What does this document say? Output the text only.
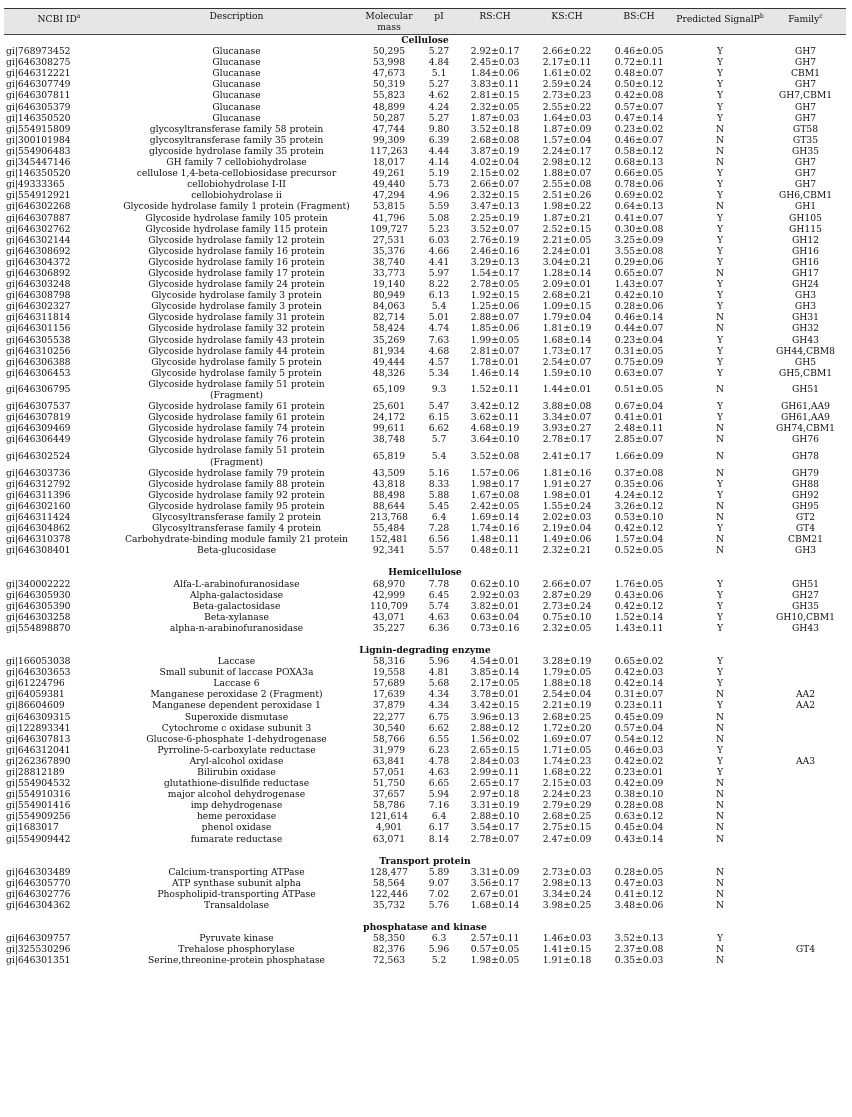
NCBI $ID^a$	Description	Molecular mass	pI	RS:CH	KS:CH	BS:CH	Predicted SignalP$^b$	Family$^c$
Cellulose								
gi|768973452	Glucanase	50,295	5.27	2.92±0.17	2.66±0.22	0.46±0.05	Y	GH7
gi|646308275	Glucanase	53,998	4.84	2.45±0.03	2.17±0.11	0.72±0.11	Y	GH7
gi|646312221	Glucanase	47,673	5.1	1.84±0.06	1.61±0.02	0.48±0.07	Y	CBM1
gi|646307749	Glucanase	50,319	5.27	3.83±0.11	2.59±0.24	0.50±0.12	Y	GH7
gi|646307811	Glucanase	55,823	4.62	2.81±0.15	2.73±0.23	0.42±0.08	Y	GH7,CBM1
gi|646305379	Glucanase	48,899	4.24	2.32±0.05	2.55±0.22	0.57±0.07	Y	GH7
gi|146350520	Glucanase	50,287	5.27	1.87±0.03	1.64±0.03	0.47±0.14	Y	GH7
gi|554915809	glycosyltransferase family 58 protein	47,744	9.80	3.52±0.18	1.87±0.09	0.23±0.02	N	GT58
gi|300101984	glycosyltransferase family 35 protein	99,309	6.39	2.68±0.08	1.57±0.04	0.46±0.07	N	GT35
gi|554906483	glycoside hydrolase family 35 protein	117,263	4.44	3.87±0.19	2.24±0.17	0.58±0.12	N	GH35
gi|345447146	GH family 7 cellobiohydrolase	18,017	4.14	4.02±0.04	2.98±0.12	0.68±0.13	N	GH7
gi|146350520	cellulose 1,4-beta-cellobiosidase precursor	49,261	5.19	2.15±0.02	1.88±0.07	0.66±0.05	Y	GH7
gi|49333365	cellobiohydrolase I-II	49,440	5.73	2.66±0.07	2.55±0.08	0.78±0.06	Y	GH7
gi|554912921	cellobiohydrolase ii	47,294	4.96	2.32±0.15	2.51±0.26	0.69±0.02	Y	GH6,CBM1
gi|646302268	Glycoside hydrolase family 1 protein (Fragment)	53,815	5.59	3.47±0.13	1.98±0.22	0.64±0.13	N	GH1
gi|646307887	Glycoside hydrolase family 105 protein	41,796	5.08	2.25±0.19	1.87±0.21	0.41±0.07	Y	GH105
gi|646302762	Glycoside hydrolase family 115 protein	109,727	5.23	3.52±0.07	2.52±0.15	0.30±0.08	Y	GH115
gi|646302144	Glycoside hydrolase family 12 protein	27,531	6.03	2.76±0.19	2.21±0.05	3.25±0.09	Y	GH12
gi|646308692	Glycoside hydrolase family 16 protein	35,376	4.66	2.46±0.16	2.24±0.01	3.55±0.08	Y	GH16
gi|646304372	Glycoside hydrolase family 16 protein	38,740	4.41	3.29±0.13	3.04±0.21	0.29±0.06	Y	GH16
gi|646306892	Glycoside hydrolase family 17 protein	33,773	5.97	1.54±0.17	1.28±0.14	0.65±0.07	N	GH17
gi|646303248	Glycoside hydrolase family 24 protein	19,140	8.22	2.78±0.05	2.09±0.01	1.43±0.07	Y	GH24
gi|646308798	Glycoside hydrolase family 3 protein	80,949	6.13	1.92±0.15	2.68±0.21	0.42±0.10	Y	GH3
gi|646302327	Glycoside hydrolase family 3 protein	84,063	5.4	1.25±0.06	1.09±0.15	0.28±0.06	Y	GH3
gi|646311814	Glycoside hydrolase family 31 protein	82,714	5.01	2.88±0.07	1.79±0.04	0.46±0.14	N	GH31
gi|646301156	Glycoside hydrolase family 32 protein	58,424	4.74	1.85±0.06	1.81±0.19	0.44±0.07	N	GH32
gi|646305538	Glycoside hydrolase family 43 protein	35,269	7.63	1.99±0.05	1.68±0.14	0.23±0.04	Y	GH43
gi|646310256	Glycoside hydrolase family 44 protein	81,934	4.68	2.81±0.07	1.73±0.17	0.31±0.05	Y	GH44,CBM8
gi|646306388	Glycoside hydrolase family 5 protein	49,444	4.57	1.78±0.01	2.54±0.07	0.75±0.09	Y	GH5
gi|646306453	Glycoside hydrolase family 5 protein	48,326	5.34	1.46±0.14	1.59±0.10	0.63±0.07	Y	GH5,CBM1
gi|646306795	Glycoside hydrolase family 51 protein
(Fragment)	65,109	9.3	1.52±0.11	1.44±0.01	0.51±0.05	N	GH51
gi|646307537	Glycoside hydrolase family 61 protein	25,601	5.47	3.42±0.12	3.88±0.08	0.67±0.04	Y	GH61,AA9
gi|646307819	Glycoside hydrolase family 61 protein	24,172	6.15	3.62±0.11	3.34±0.07	0.41±0.01	Y	GH61,AA9
gi|646309469	Glycoside hydrolase family 74 protein	99,611	6.62	4.68±0.19	3.93±0.27	2.48±0.11	N	GH74,CBM1
gi|646306449	Glycoside hydrolase family 76 protein	38,748	5.7	3.64±0.10	2.78±0.17	2.85±0.07	N	GH76
gi|646302524	Glycoside hydrolase family 51 protein
(Fragment)	65,819	5.4	3.52±0.08	2.41±0.17	1.66±0.09	N	GH78
gi|646303736	Glycoside hydrolase family 79 protein	43,509	5.16	1.57±0.06	1.81±0.16	0.37±0.08	N	GH79
gi|646312792	Glycoside hydrolase family 88 protein	43,818	8.33	1.98±0.17	1.91±0.27	0.35±0.06	Y	GH88
gi|646311396	Glycoside hydrolase family 92 protein	88,498	5.88	1.67±0.08	1.98±0.01	4.24±0.12	Y	GH92
gi|646302160	Glycoside hydrolase family 95 protein	88,644	5.45	2.42±0.05	1.55±0.24	3.26±0.12	N	GH95
gi|646311424	Glycosyltransferase family 2 protein	213,768	6.4	1.69±0.14	2.02±0.03	0.53±0.10	N	GT2
gi|646304862	Glycosyltransferase family 4 protein	55,484	7.28	1.74±0.16	2.19±0.04	0.42±0.12	Y	GT4
gi|646310378	Carbohydrate-binding module family 21 protein	152,481	6.56	1.48±0.11	1.49±0.06	1.57±0.04	N	CBM21
gi|646308401	Beta-glucosidase	92,341	5.57	0.48±0.11	2.32±0.21	0.52±0.05	N	GH3
Hemicellulose								
gi|340002222	Alfa-L-arabinofuranosidase	68,970	7.78	0.62±0.10	2.66±0.07	1.76±0.05	Y	GH51
gi|646305930	Alpha-galactosidase	42,999	6.45	2.92±0.03	2.87±0.29	0.43±0.06	Y	GH27
gi|646305390	Beta-galactosidase	110,709	5.74	3.82±0.01	2.73±0.24	0.42±0.12	Y	GH35
gi|646303258	Beta-xylanase	43,071	4.63	0.63±0.04	0.75±0.10	1.52±0.14	Y	GH10,CBM1
gi|554898870	alpha-n-arabinofuranosidase	35,227	6.36	0.73±0.16	2.32±0.05	1.43±0.11	Y	GH43
Lignin-degrading enzyme								
gi|166053038	Laccase	58,316	5.96	4.54±0.01	3.28±0.19	0.65±0.02	Y	
gi|646303653	Small subunit of laccase POXA3a	19,558	4.81	3.85±0.14	1.79±0.05	0.42±0.03	Y	
gi|61224796	Laccase 6	57,689	5.68	2.17±0.05	1.88±0.18	0.42±0.14	Y	
gi|64059381	Manganese peroxidase 2 (Fragment)	17,639	4.34	3.78±0.01	2.54±0.04	0.31±0.07	N	AA2
gi|86604609	Manganese dependent peroxidase 1	37,879	4.34	3.42±0.15	2.21±0.19	0.23±0.11	Y	AA2
gi|646309315	Superoxide dismutase	22,277	6.75	3.96±0.13	2.68±0.25	0.45±0.09	N	
gi|122893341	Cytochrome c oxidase subunit 3	30,540	6.62	2.88±0.12	1.72±0.20	0.57±0.04	N	
gi|646307813	Glucose-6-phosphate 1-dehydrogenase	58,766	6.55	1.56±0.02	1.69±0.07	0.54±0.12	N	
gi|646312041	Pyrroline-5-carboxylate reductase	31,979	6.23	2.65±0.15	1.71±0.05	0.46±0.03	Y	
gi|262367890	Aryl-alcohol oxidase	63,841	4.78	2.84±0.03	1.74±0.23	0.42±0.02	Y	AA3
gi|28812189	Bilirubin oxidase	57,051	4.63	2.99±0.11	1.68±0.22	0.23±0.01	Y	
gi|554904532	glutathione-disulfide reductase	51,750	6.65	2.65±0.17	2.15±0.03	0.42±0.09	N	
gi|554910316	major alcohol dehydrogenase	37,657	5.94	2.97±0.18	2.24±0.23	0.38±0.10	N	
gi|554901416	imp dehydrogenase	58,786	7.16	3.31±0.19	2.79±0.29	0.28±0.08	N	
gi|554909256	heme peroxidase	121,614	6.4	2.88±0.10	2.68±0.25	0.63±0.12	N	
gi|1683017	phenol oxidase	4,901	6.17	3.54±0.17	2.75±0.15	0.45±0.04	N	
gi|554909442	fumarate reductase	63,071	8.14	2.78±0.07	2.47±0.09	0.43±0.14	N	
Transport protein								
gi|646303489	Calcium-transporting ATPase	128,477	5.89	3.31±0.09	2.73±0.03	0.28±0.05	N	
gi|646305770	ATP synthase subunit alpha	58,564	9.07	3.56±0.17	2.98±0.13	0.47±0.03	N	
gi|646302776	Phospholipid-transporting ATPase	122,446	7.02	2.67±0.01	3.34±0.24	0.41±0.12	N	
gi|646304362	Transaldolase	35,732	5.76	1.68±0.14	3.98±0.25	3.48±0.06	N	
phosphatase and kinase								
gi|646309757	Pyruvate kinase	58,350	6.3	2.57±0.11	1.46±0.03	3.52±0.13	Y	
gi|325530296	Trehalose phosphorylase	82,376	5.96	0.57±0.05	1.41±0.15	2.37±0.08	N	GT4
gi|646301351	Serine,threonine-protein phosphatase	72,563	5.2	1.98±0.05	1.91±0.18	0.35±0.03	N	
